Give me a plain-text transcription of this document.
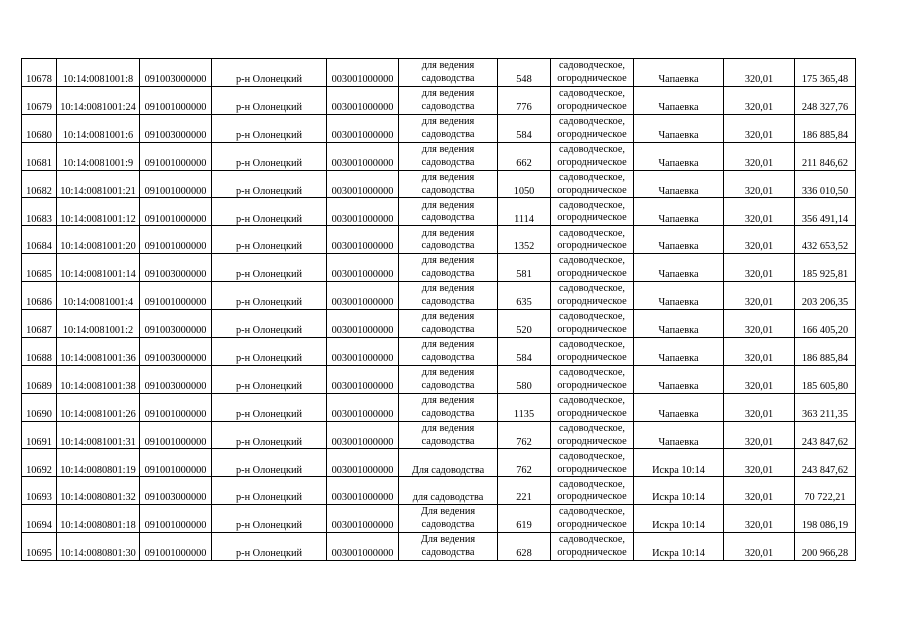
10678	10:14:0081001:8	091003000000	р-н Олонецкий	003001000000	для ведения
садоводства	548	садоводческое,
огородническое	Чапаевка	320,01	175 365,48
10679	10:14:0081001:24	091001000000	р-н Олонецкий	003001000000	для ведения
садоводства	776	садоводческое,
огородническое	Чапаевка	320,01	248 327,76
10680	10:14:0081001:6	091003000000	р-н Олонецкий	003001000000	для ведения
садоводства	584	садоводческое,
огородническое	Чапаевка	320,01	186 885,84
10681	10:14:0081001:9	091001000000	р-н Олонецкий	003001000000	для ведения
садоводства	662	садоводческое,
огородническое	Чапаевка	320,01	211 846,62
10682	10:14:0081001:21	091001000000	р-н Олонецкий	003001000000	для ведения
садоводства	1050	садоводческое,
огородническое	Чапаевка	320,01	336 010,50
10683	10:14:0081001:12	091001000000	р-н Олонецкий	003001000000	для ведения
садоводства	1114	садоводческое,
огородническое	Чапаевка	320,01	356 491,14
10684	10:14:0081001:20	091001000000	р-н Олонецкий	003001000000	для ведения
садоводства	1352	садоводческое,
огородническое	Чапаевка	320,01	432 653,52
10685	10:14:0081001:14	091003000000	р-н Олонецкий	003001000000	для ведения
садоводства	581	садоводческое,
огородническое	Чапаевка	320,01	185 925,81
10686	10:14:0081001:4	091001000000	р-н Олонецкий	003001000000	для ведения
садоводства	635	садоводческое,
огородническое	Чапаевка	320,01	203 206,35
10687	10:14:0081001:2	091003000000	р-н Олонецкий	003001000000	для ведения
садоводства	520	садоводческое,
огородническое	Чапаевка	320,01	166 405,20
10688	10:14:0081001:36	091003000000	р-н Олонецкий	003001000000	для ведения
садоводства	584	садоводческое,
огородническое	Чапаевка	320,01	186 885,84
10689	10:14:0081001:38	091003000000	р-н Олонецкий	003001000000	для ведения
садоводства	580	садоводческое,
огородническое	Чапаевка	320,01	185 605,80
10690	10:14:0081001:26	091001000000	р-н Олонецкий	003001000000	для ведения
садоводства	1135	садоводческое,
огородническое	Чапаевка	320,01	363 211,35
10691	10:14:0081001:31	091001000000	р-н Олонецкий	003001000000	для ведения
садоводства	762	садоводческое,
огородническое	Чапаевка	320,01	243 847,62
10692	10:14:0080801:19	091001000000	р-н Олонецкий	003001000000	Для садоводства	762	садоводческое,
огородническое	Искра 10:14	320,01	243 847,62
10693	10:14:0080801:32	091003000000	р-н Олонецкий	003001000000	для садоводства	221	садоводческое,
огородническое	Искра 10:14	320,01	70 722,21
10694	10:14:0080801:18	091001000000	р-н Олонецкий	003001000000	Для ведения
садоводства	619	садоводческое,
огородническое	Искра 10:14	320,01	198 086,19
10695	10:14:0080801:30	091001000000	р-н Олонецкий	003001000000	Для ведения
садоводства	628	садоводческое,
огородническое	Искра 10:14	320,01	200 966,28
